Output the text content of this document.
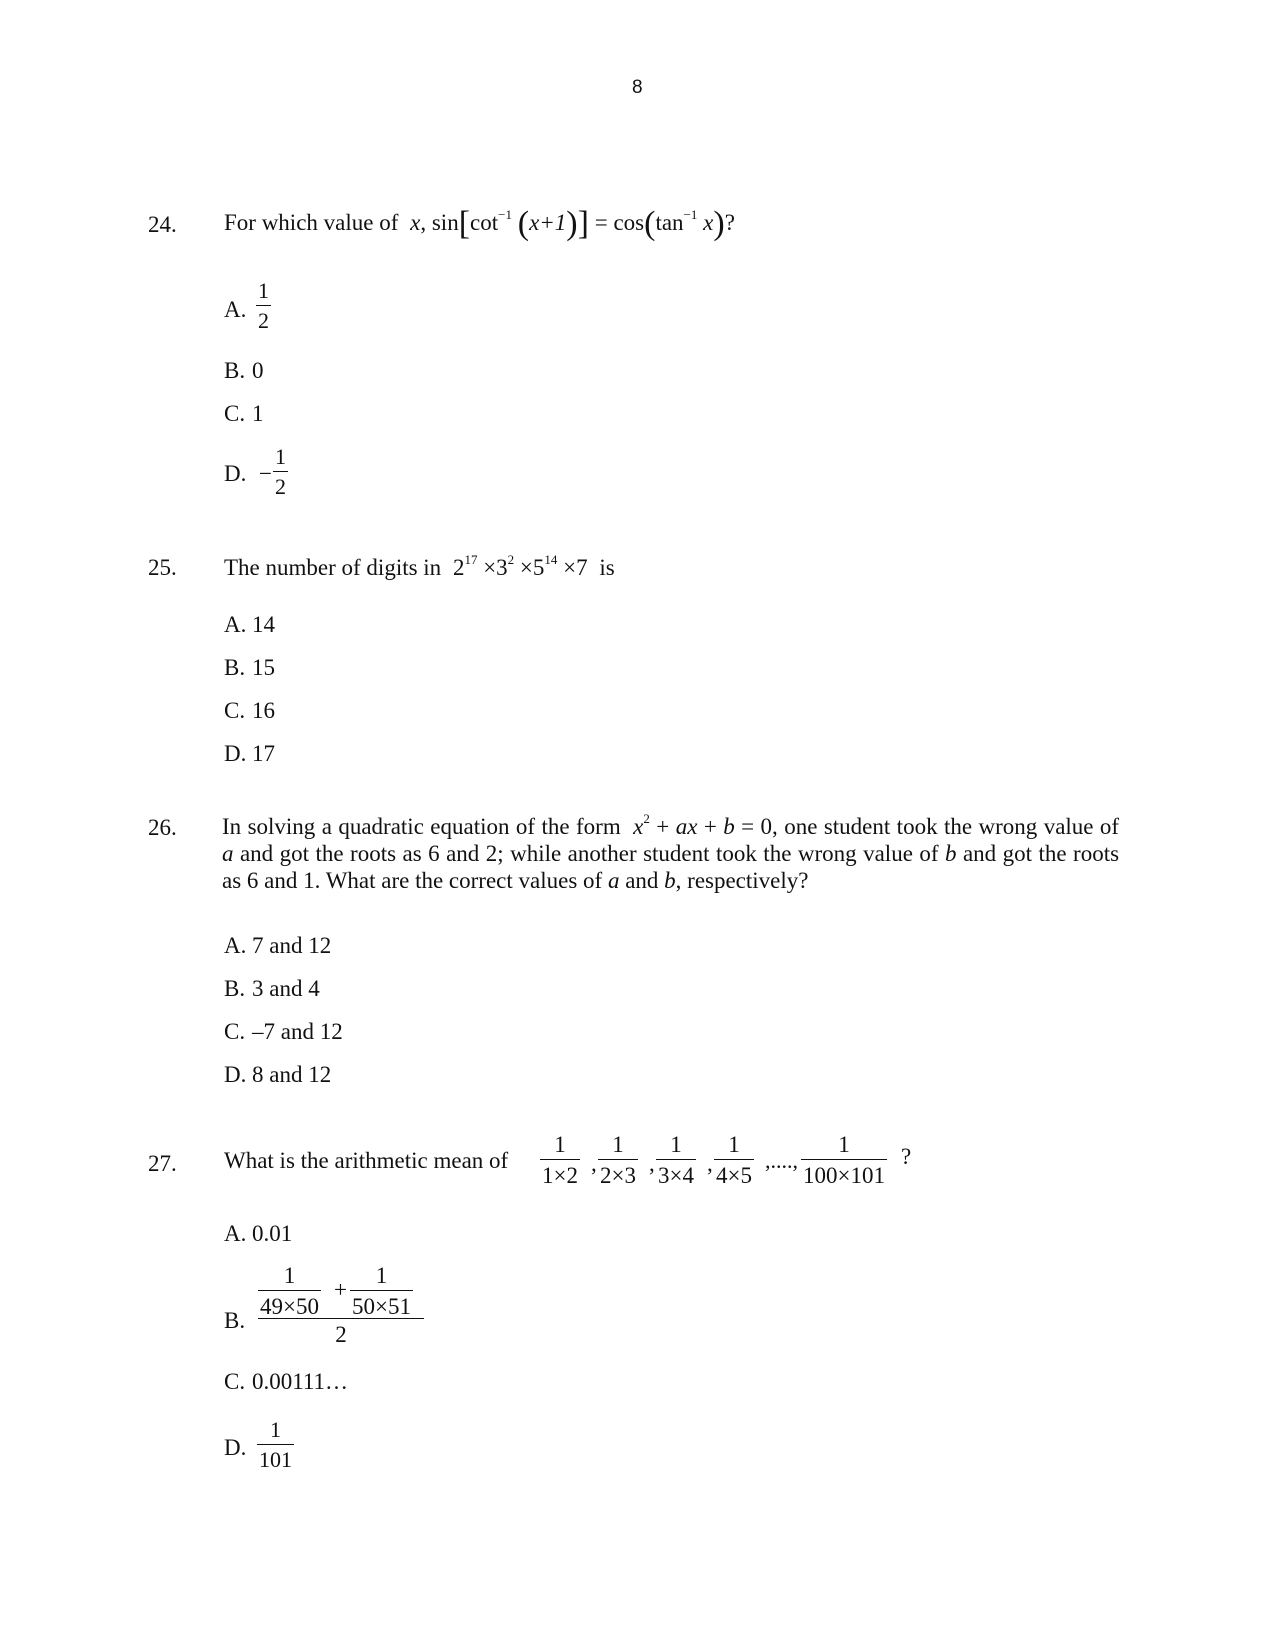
8
24. For which value of x, $\sin[\cot^{-1}$ $(x+1)] = \cos(\tan^{-1}$ x)?
A. $\frac{1}{2}$
B. 0
C. 1
D. − $\frac{1}{2}$
25. The number of digits in $2^{17} \times 3^2 \times 5^{14} \times 7$ is
A. 14
B. 15
C. 16
D. 17
26. In solving a quadratic equation of the form $x^2$ + ax + b = 0, one student took the wrong value of a and got the roots as 6 and 2; while another student took the wrong value of b and got the roots as 6 and 1. What are the correct values of a and b, respectively?
A. 7 and 12
B. 3 and 4
C. –7 and 12
D. 8 and 12
27. What is the arithmetic mean of $\frac{1}{1\times 2}$ , $\frac{1}{2\times 3}$ , $\frac{1}{3\times 4}$ , $\frac{1}{4\times 5}$ ,...., $\frac{1}{100\times 101}$ ?
A. 0.01
B. $\frac{\frac{1}{49\times 50} + \frac{1}{50\times 51}}{2}$
C. 0.00111…
D. $\frac{1}{101}$
